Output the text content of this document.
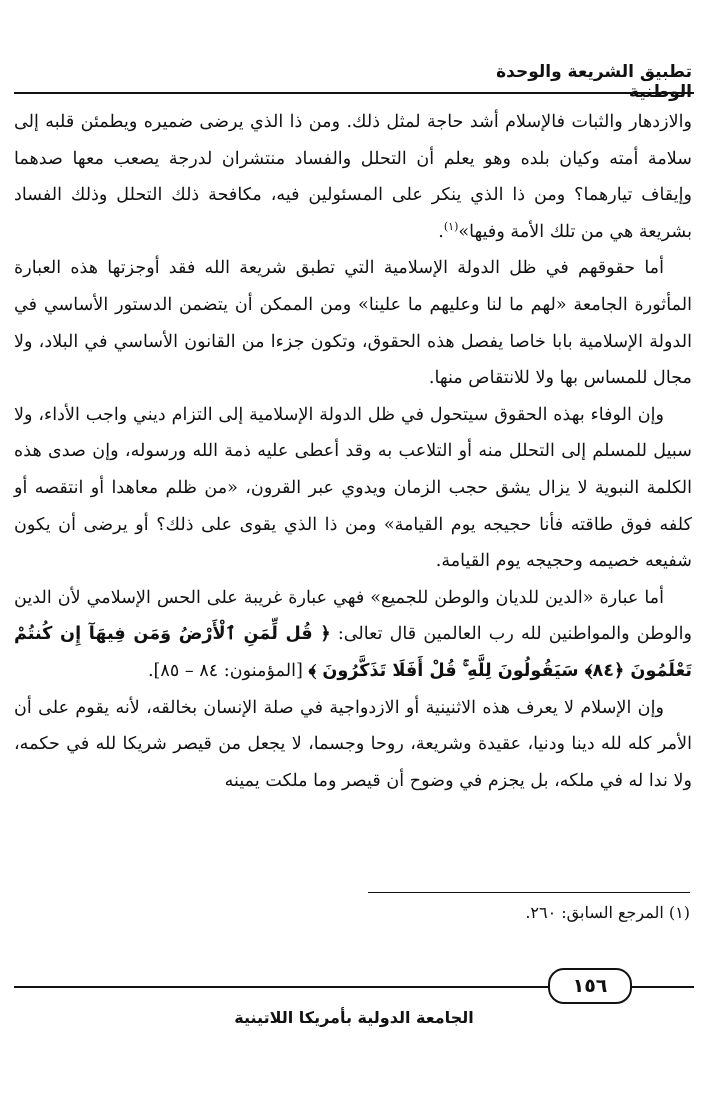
تطبيق الشريعة والوحدة الوطنية

والازدهار والثبات فالإسلام أشد حاجة لمثل ذلك. ومن ذا الذي يرضى ضميره ويطمئن قلبه إلى سلامة أمته وكيان بلده وهو يعلم أن التحلل والفساد منتشران لدرجة يصعب معها صدهما وإيقاف تيارهما؟ ومن ذا الذي ينكر على المسئولين فيه، مكافحة ذلك التحلل وذلك الفساد بشريعة هي من تلك الأمة وفيها»$^{(١)}$.

أما حقوقهم في ظل الدولة الإسلامية التي تطبق شريعة الله فقد أوجزتها هذه العبارة المأثورة الجامعة «لهم ما لنا وعليهم ما علينا» ومن الممكن أن يتضمن الدستور الأساسي في الدولة الإسلامية بابا خاصا يفصل هذه الحقوق، وتكون جزءا من القانون الأساسي في البلاد، ولا مجال للمساس بها ولا للانتقاص منها.

وإن الوفاء بهذه الحقوق سيتحول في ظل الدولة الإسلامية إلى التزام ديني واجب الأداء، ولا سبيل للمسلم إلى التحلل منه أو التلاعب به وقد أعطى عليه ذمة الله ورسوله، وإن صدى هذه الكلمة النبوية لا يزال يشق حجب الزمان ويدوي عبر القرون، «من ظلم معاهدا أو انتقصه أو كلفه فوق طاقته فأنا حجيجه يوم القيامة» ومن ذا الذي يقوى على ذلك؟ أو يرضى أن يكون شفيعه خصيمه وحجيجه يوم القيامة.

أما عبارة «الدين للديان والوطن للجميع» فهي عبارة غريبة على الحس الإسلامي لأن الدين والوطن والمواطنين لله رب العالمين قال تعالى: ﴿ قُل لِّمَنِ ٱلْأَرْضُ وَمَن فِيهَآ إِن كُنتُمْ تَعْلَمُونَ ﴿٨٤﴾ سَيَقُولُونَ لِلَّهِ ۚ قُلْ أَفَلَا تَذَكَّرُونَ ﴾ [المؤمنون: ٨٤ – ٨٥].

وإن الإسلام لا يعرف هذه الاثنينية أو الازدواجية في صلة الإنسان بخالقه، لأنه يقوم على أن الأمر كله لله دينا ودنيا، عقيدة وشريعة، روحا وجسما، لا يجعل من قيصر شريكا لله في حكمه، ولا ندا له في ملكه، بل يجزم في وضوح أن قيصر وما ملكت يمينه

(١) المرجع السابق: ٢٦٠.
١٥٦
الجامعة الدولية بأمريكا اللاتينية
